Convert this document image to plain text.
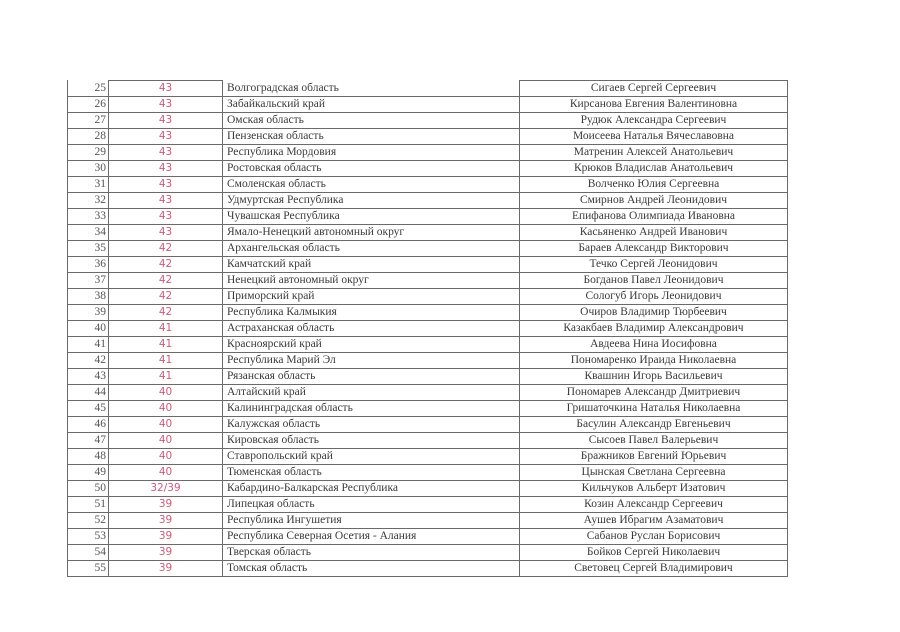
25	43	Волгоградская область	Сигаев Сергей Сергеевич
26	43	Забайкальский край	Кирсанова Евгения Валентиновна
27	43	Омская область	Рудюк Александра Сергеевич
28	43	Пензенская область	Моисеева Наталья Вячеславовна
29	43	Республика Мордовия	Матренин Алексей Анатольевич
30	43	Ростовская область	Крюков Владислав Анатольевич
31	43	Смоленская область	Волченко Юлия Сергеевна
32	43	Удмуртская Республика	Смирнов Андрей Леонидович
33	43	Чувашская Республика	Епифанова Олимпиада Ивановна
34	43	Ямало-Ненецкий автономный округ	Касьяненко Андрей Иванович
35	42	Архангельская область	Бараев Александр Викторович
36	42	Камчатский край	Течко Сергей Леонидович
37	42	Ненецкий автономный округ	Богданов Павел Леонидович
38	42	Приморский край	Сологуб Игорь Леонидович
39	42	Республика Калмыкия	Очиров Владимир Тюрбеевич
40	41	Астраханская область	Казакбаев Владимир Александрович
41	41	Красноярский край	Авдеева Нина Иосифовна
42	41	Республика Марий Эл	Пономаренко Ираида Николаевна
43	41	Рязанская область	Квашнин Игорь Васильевич
44	40	Алтайский край	Пономарев Александр Дмитриевич
45	40	Калининградская область	Гришаточкина Наталья Николаевна
46	40	Калужская область	Басулин Александр Евгеньевич
47	40	Кировская область	Сысоев Павел Валерьевич
48	40	Ставропольский край	Бражников Евгений Юрьевич
49	40	Тюменская область	Цынская Светлана Сергеевна
50	32/39	Кабардино-Балкарская Республика	Кильчуков Альберт Изатович
51	39	Липецкая область	Козин Александр Сергеевич
52	39	Республика Ингушетия	Аушев Ибрагим Азаматович
53	39	Республика Северная Осетия - Алания	Сабанов Руслан Борисович
54	39	Тверская область	Бойков Сергей Николаевич
55	39	Томская область	Световец Сергей Владимирович
